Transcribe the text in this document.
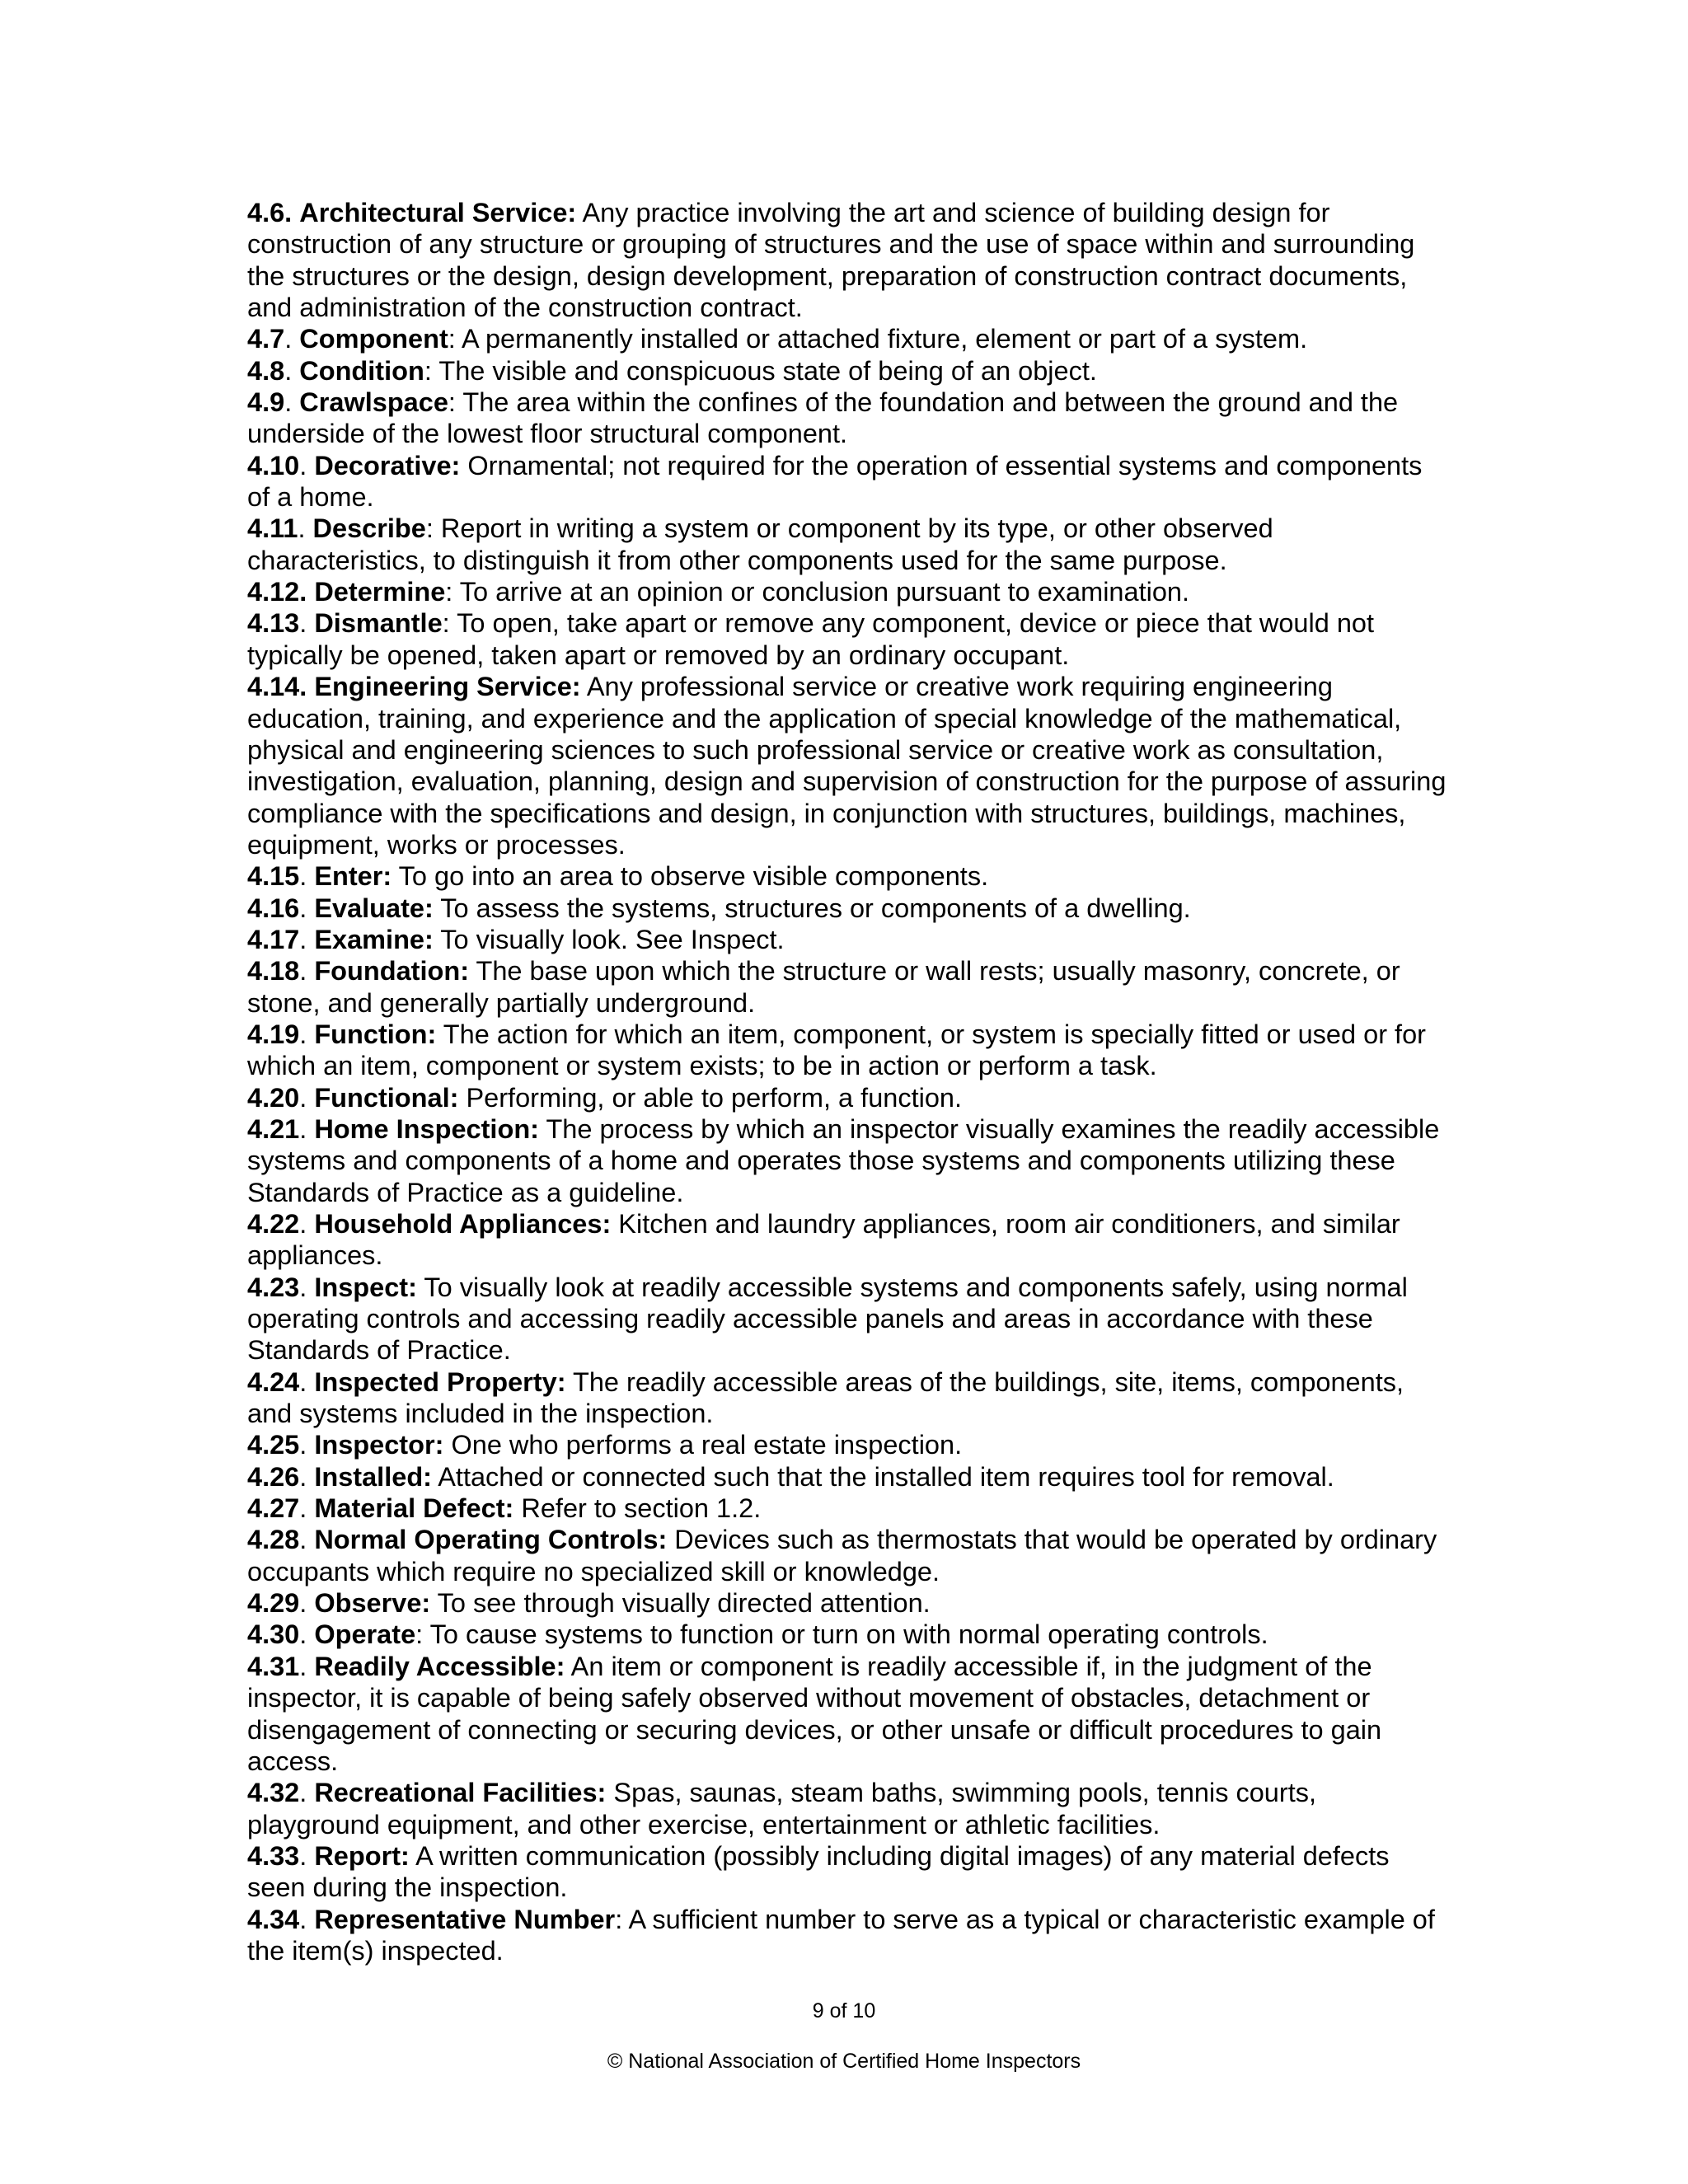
4.6. Architectural Service: Any practice involving the art and science of building design for construction of any structure or grouping of structures and the use of space within and surrounding the structures or the design, design development, preparation of construction contract documents, and administration of the construction contract.

4.7. Component: A permanently installed or attached fixture, element or part of a system.

4.8. Condition: The visible and conspicuous state of being of an object.

4.9. Crawlspace: The area within the confines of the foundation and between the ground and the underside of the lowest floor structural component.

4.10. Decorative: Ornamental; not required for the operation of essential systems and components of a home.

4.11. Describe: Report in writing a system or component by its type, or other observed characteristics, to distinguish it from other components used for the same purpose.

4.12. Determine: To arrive at an opinion or conclusion pursuant to examination.

4.13. Dismantle: To open, take apart or remove any component, device or piece that would not typically be opened, taken apart or removed by an ordinary occupant.

4.14. Engineering Service: Any professional service or creative work requiring engineering education, training, and experience and the application of special knowledge of the mathematical, physical and engineering sciences to such professional service or creative work as consultation, investigation, evaluation, planning, design and supervision of construction for the purpose of assuring compliance with the specifications and design, in conjunction with structures, buildings, machines, equipment, works or processes.

4.15. Enter: To go into an area to observe visible components.

4.16. Evaluate: To assess the systems, structures or components of a dwelling.

4.17. Examine: To visually look. See Inspect.

4.18. Foundation: The base upon which the structure or wall rests; usually masonry, concrete, or stone, and generally partially underground.

4.19. Function: The action for which an item, component, or system is specially fitted or used or for which an item, component or system exists; to be in action or perform a task.

4.20. Functional: Performing, or able to perform, a function.

4.21. Home Inspection: The process by which an inspector visually examines the readily accessible systems and components of a home and operates those systems and components utilizing these Standards of Practice as a guideline.

4.22. Household Appliances: Kitchen and laundry appliances, room air conditioners, and similar appliances.

4.23. Inspect: To visually look at readily accessible systems and components safely, using normal operating controls and accessing readily accessible panels and areas in accordance with these Standards of Practice.

4.24. Inspected Property: The readily accessible areas of the buildings, site, items, components, and systems included in the inspection.

4.25. Inspector: One who performs a real estate inspection.

4.26. Installed: Attached or connected such that the installed item requires tool for removal.

4.27. Material Defect: Refer to section 1.2.

4.28. Normal Operating Controls: Devices such as thermostats that would be operated by ordinary occupants which require no specialized skill or knowledge.

4.29. Observe: To see through visually directed attention.

4.30. Operate: To cause systems to function or turn on with normal operating controls.

4.31. Readily Accessible: An item or component is readily accessible if, in the judgment of the inspector, it is capable of being safely observed without movement of obstacles, detachment or disengagement of connecting or securing devices, or other unsafe or difficult procedures to gain access.

4.32. Recreational Facilities: Spas, saunas, steam baths, swimming pools, tennis courts, playground equipment, and other exercise, entertainment or athletic facilities.

4.33. Report: A written communication (possibly including digital images) of any material defects seen during the inspection.

4.34. Representative Number: A sufficient number to serve as a typical or characteristic example of the item(s) inspected.

9 of 10
© National Association of Certified Home Inspectors
